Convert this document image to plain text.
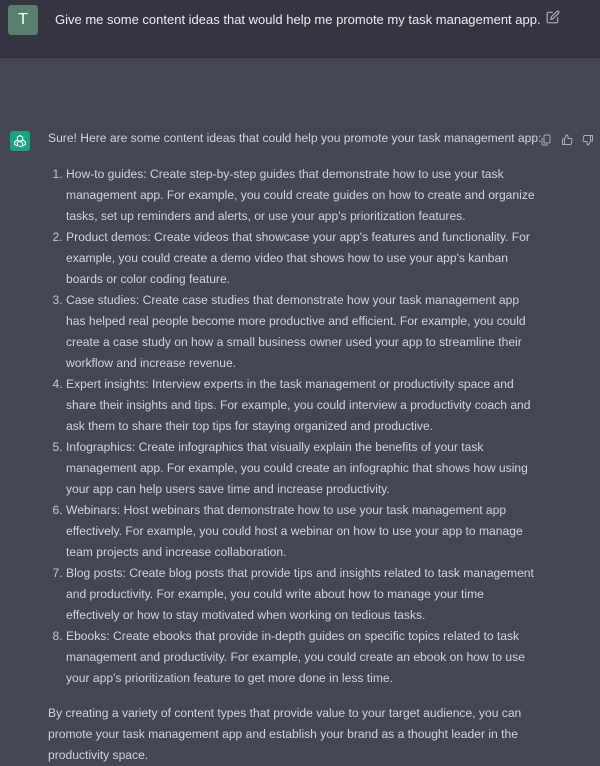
T	Give me some content ideas that would help me promote my task management app.

Sure! Here are some content ideas that could help you promote your task management app:

1. How-to guides: Create step-by-step guides that demonstrate how to use your task management app. For example, you could create guides on how to create and organize tasks, set up reminders and alerts, or use your app's prioritization features.
2. Product demos: Create videos that showcase your app's features and functionality. For example, you could create a demo video that shows how to use your app's kanban boards or color coding feature.
3. Case studies: Create case studies that demonstrate how your task management app has helped real people become more productive and efficient. For example, you could create a case study on how a small business owner used your app to streamline their workflow and increase revenue.
4. Expert insights: Interview experts in the task management or productivity space and share their insights and tips. For example, you could interview a productivity coach and ask them to share their top tips for staying organized and productive.
5. Infographics: Create infographics that visually explain the benefits of your task management app. For example, you could create an infographic that shows how using your app can help users save time and increase productivity.
6. Webinars: Host webinars that demonstrate how to use your task management app effectively. For example, you could host a webinar on how to use your app to manage team projects and increase collaboration.
7. Blog posts: Create blog posts that provide tips and insights related to task management and productivity. For example, you could write about how to manage your time effectively or how to stay motivated when working on tedious tasks.
8. Ebooks: Create ebooks that provide in-depth guides on specific topics related to task management and productivity. For example, you could create an ebook on how to use your app's prioritization feature to get more done in less time.

By creating a variety of content types that provide value to your target audience, you can promote your task management app and establish your brand as a thought leader in the productivity space.
